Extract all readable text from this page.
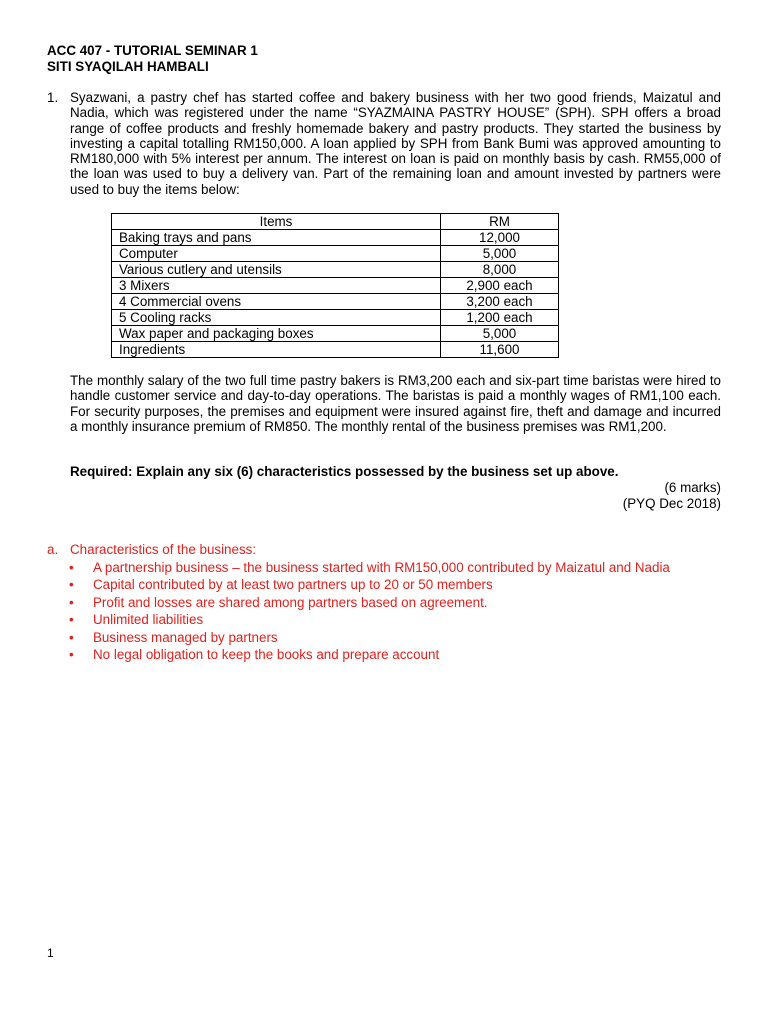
ACC 407 - TUTORIAL SEMINAR 1
SITI SYAQILAH HAMBALI
1. Syazwani, a pastry chef has started coffee and bakery business with her two good friends, Maizatul and Nadia, which was registered under the name “SYAZMAINA PASTRY HOUSE” (SPH). SPH offers a broad range of coffee products and freshly homemade bakery and pastry products. They started the business by investing a capital totalling RM150,000. A loan applied by SPH from Bank Bumi was approved amounting to RM180,000 with 5% interest per annum. The interest on loan is paid on monthly basis by cash. RM55,000 of the loan was used to buy a delivery van. Part of the remaining loan and amount invested by partners were used to buy the items below:
Items	RM
Baking trays and pans	12,000
Computer	5,000
Various cutlery and utensils	8,000
3 Mixers	2,900 each
4 Commercial ovens	3,200 each
5 Cooling racks	1,200 each
Wax paper and packaging boxes	5,000
Ingredients	11,600
The monthly salary of the two full time pastry bakers is RM3,200 each and six-part time baristas were hired to handle customer service and day-to-day operations. The baristas is paid a monthly wages of RM1,100 each. For security purposes, the premises and equipment were insured against fire, theft and damage and incurred a monthly insurance premium of RM850. The monthly rental of the business premises was RM1,200.
Required: Explain any six (6) characteristics possessed by the business set up above.
(6 marks)
(PYQ Dec 2018)
a. Characteristics of the business:
• A partnership business – the business started with RM150,000 contributed by Maizatul and Nadia
• Capital contributed by at least two partners up to 20 or 50 members
• Profit and losses are shared among partners based on agreement.
• Unlimited liabilities
• Business managed by partners
• No legal obligation to keep the books and prepare account
1
